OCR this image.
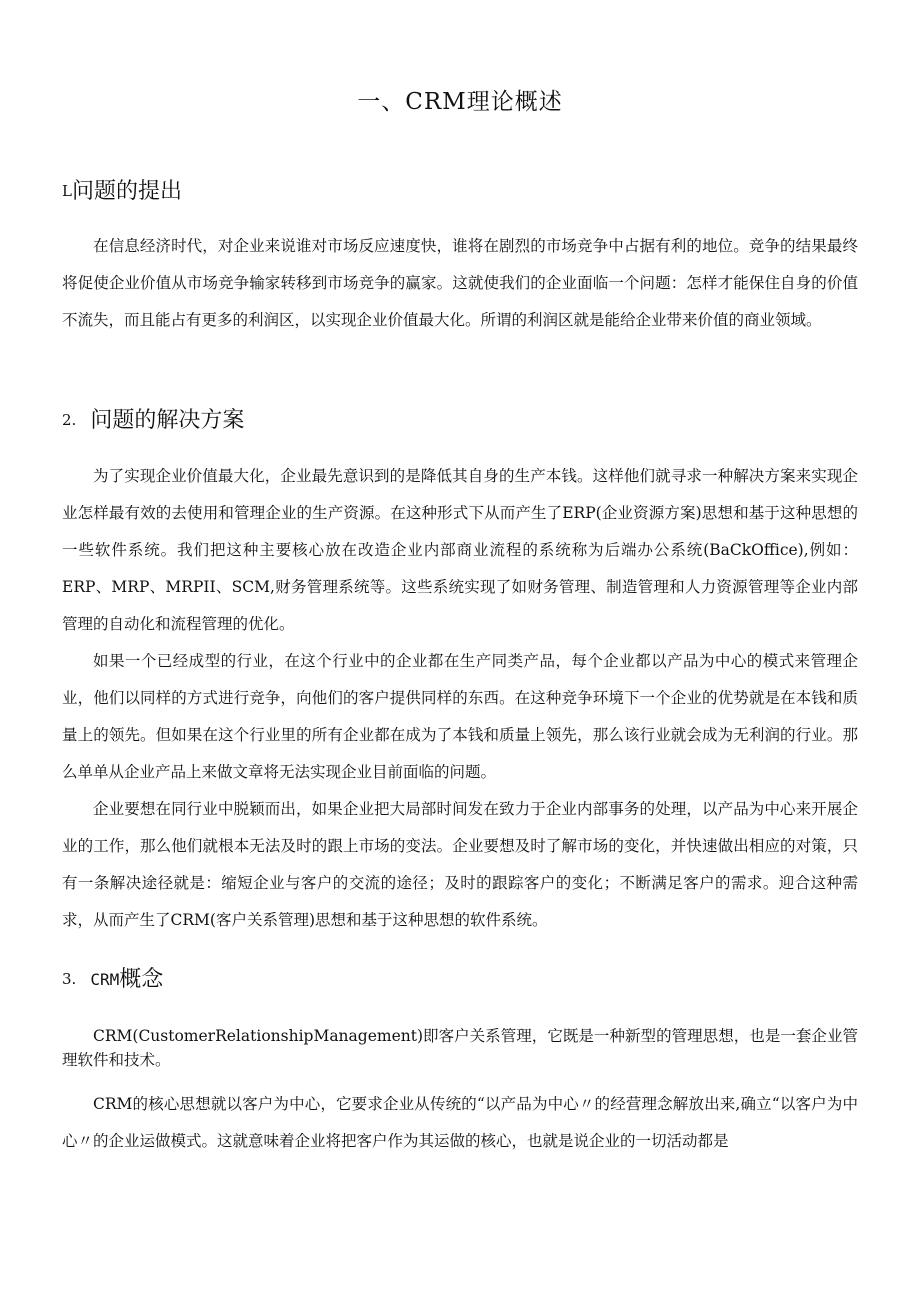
一、CRM理论概述
L问题的提出

在信息经济时代，对企业来说谁对市场反应速度快，谁将在剧烈的市场竞争中占据有利的地位。竞争的结果最终将促使企业价值从市场竞争输家转移到市场竞争的赢家。这就使我们的企业面临一个问题：怎样才能保住自身的价值不流失，而且能占有更多的利润区，以实现企业价值最大化。所谓的利润区就是能给企业带来价值的商业领域。

2. 问题的解决方案

为了实现企业价值最大化，企业最先意识到的是降低其自身的生产本钱。这样他们就寻求一种解决方案来实现企业怎样最有效的去使用和管理企业的生产资源。在这种形式下从而产生了ERP(企业资源方案)思想和基于这种思想的一些软件系统。我们把这种主要核心放在改造企业内部商业流程的系统称为后端办公系统(BaCkOffice),例如：ERP、MRP、MRPII、SCM,财务管理系统等。这些系统实现了如财务管理、制造管理和人力资源管理等企业内部管理的自动化和流程管理的优化。

如果一个已经成型的行业，在这个行业中的企业都在生产同类产品，每个企业都以产品为中心的模式来管理企业，他们以同样的方式进行竞争，向他们的客户提供同样的东西。在这种竞争环境下一个企业的优势就是在本钱和质量上的领先。但如果在这个行业里的所有企业都在成为了本钱和质量上领先，那么该行业就会成为无利润的行业。那么单单从企业产品上来做文章将无法实现企业目前面临的问题。

企业要想在同行业中脱颖而出，如果企业把大局部时间发在致力于企业内部事务的处理，以产品为中心来开展企业的工作，那么他们就根本无法及时的跟上市场的变法。企业要想及时了解市场的变化，并快速做出相应的对策，只有一条解决途径就是：缩短企业与客户的交流的途径；及时的跟踪客户的变化；不断满足客户的需求。迎合这种需求，从而产生了CRM(客户关系管理)思想和基于这种思想的软件系统。

3. CRM概念

CRM(CustomerRelationshipManagement)即客户关系管理，它既是一种新型的管理思想，也是一套企业管理软件和技术。

CRM的核心思想就以客户为中心，它要求企业从传统的“以产品为中心〃的经营理念解放出来,确立“以客户为中心〃的企业运做模式。这就意味着企业将把客户作为其运做的核心，也就是说企业的一切活动都是
